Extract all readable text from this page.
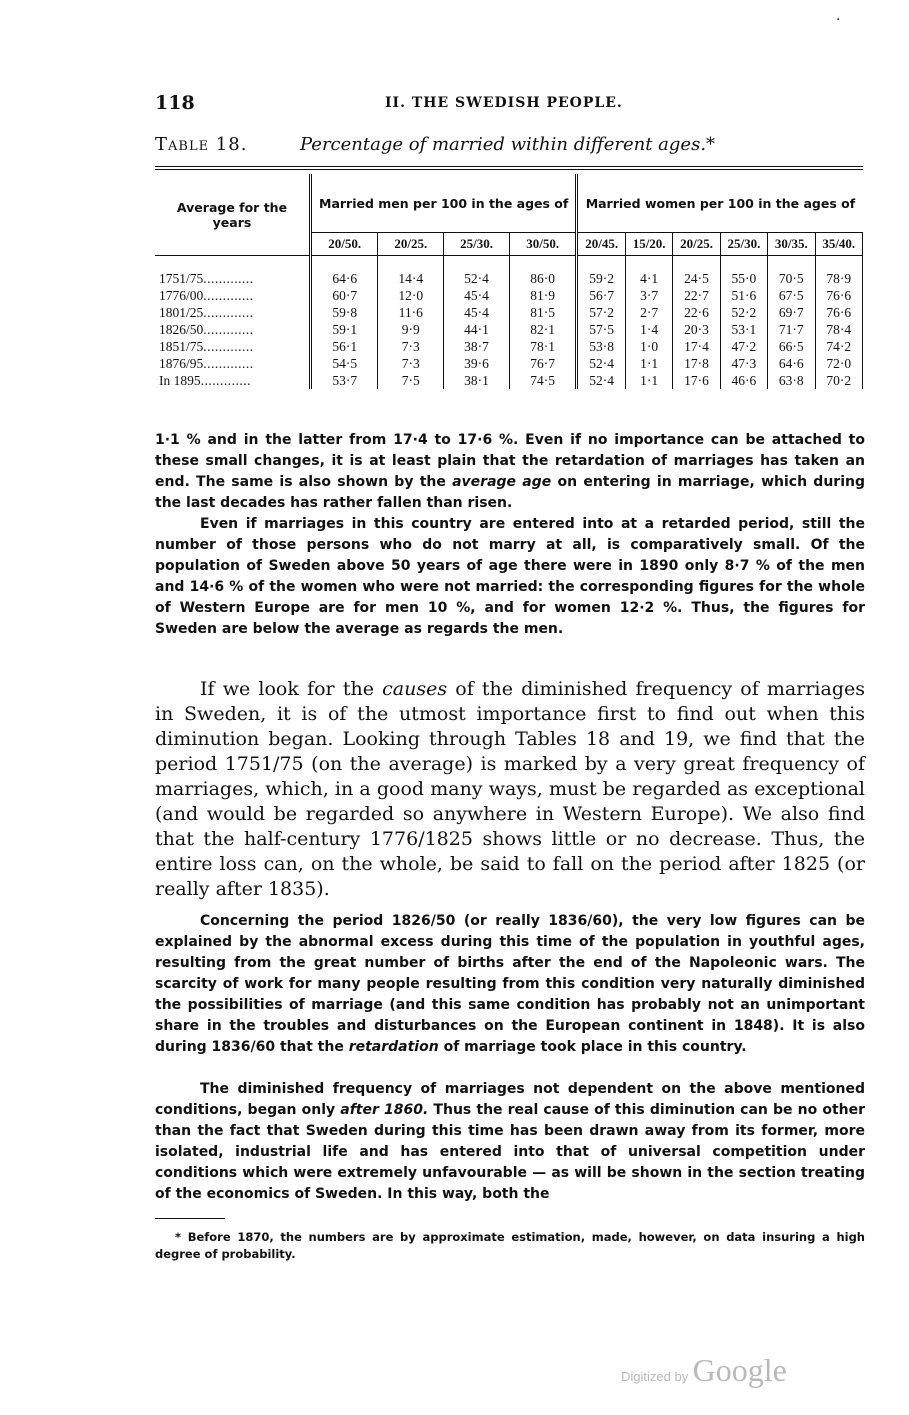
·
118	II. THE SWEDISH PEOPLE.
Table 18.	Percentage of married within different ages.*
Average for the years	Married men per 100 in the ages of				Married women per 100 in the ages of					
	20/50.	20/25.	25/30.	30/50.	20/45.	15/20.	20/25.	25/30.	30/35.	35/40.

1751/75.............	64·6	14·4	52·4	86·0	59·2	4·1	24·5	55·0	70·5	78·9
1776/00.............	60·7	12·0	45·4	81·9	56·7	3·7	22·7	51·6	67·5	76·6
1801/25.............	59·8	11·6	45·4	81·5	57·2	2·7	22·6	52·2	69·7	76·6
1826/50.............	59·1	9·9	44·1	82·1	57·5	1·4	20·3	53·1	71·7	78·4
1851/75.............	56·1	7·3	38·7	78·1	53·8	1·0	17·4	47·2	66·5	74·2
1876/95.............	54·5	7·3	39·6	76·7	52·4	1·1	17·8	47·3	64·6	72·0
In 1895.............	53·7	7·5	38·1	74·5	52·4	1·1	17·6	46·6	63·8	70·2
1·1 % and in the latter from 17·4 to 17·6 %. Even if no importance can be attached to these small changes, it is at least plain that the retardation of marriages has taken an end. The same is also shown by the average age on entering in marriage, which during the last decades has rather fallen than risen.
Even if marriages in this country are entered into at a retarded period, still the number of those persons who do not marry at all, is comparatively small. Of the population of Sweden above 50 years of age there were in 1890 only 8·7 % of the men and 14·6 % of the women who were not married: the corresponding figures for the whole of Western Europe are for men 10 %, and for women 12·2 %. Thus, the figures for Sweden are below the average as regards the men.
If we look for the causes of the diminished frequency of marriages in Sweden, it is of the utmost importance first to find out when this diminution began. Looking through Tables 18 and 19, we find that the period 1751/75 (on the average) is marked by a very great frequency of marriages, which, in a good many ways, must be regarded as exceptional (and would be regarded so anywhere in Western Europe). We also find that the half-century 1776/1825 shows little or no decrease. Thus, the entire loss can, on the whole, be said to fall on the period after 1825 (or really after 1835).
Concerning the period 1826/50 (or really 1836/60), the very low figures can be explained by the abnormal excess during this time of the population in youthful ages, resulting from the great number of births after the end of the Napoleonic wars. The scarcity of work for many people resulting from this condition very naturally diminished the possibilities of marriage (and this same condition has probably not an unimportant share in the troubles and disturbances on the European continent in 1848). It is also during 1836/60 that the retardation of marriage took place in this country.
The diminished frequency of marriages not dependent on the above mentioned conditions, began only after 1860. Thus the real cause of this diminution can be no other than the fact that Sweden during this time has been drawn away from its former, more isolated, industrial life and has entered into that of universal competition under conditions which were extremely unfavourable — as will be shown in the section treating of the economics of Sweden. In this way, both the
* Before 1870, the numbers are by approximate estimation, made, however, on data insuring a high degree of probability.
Digitized by Google
